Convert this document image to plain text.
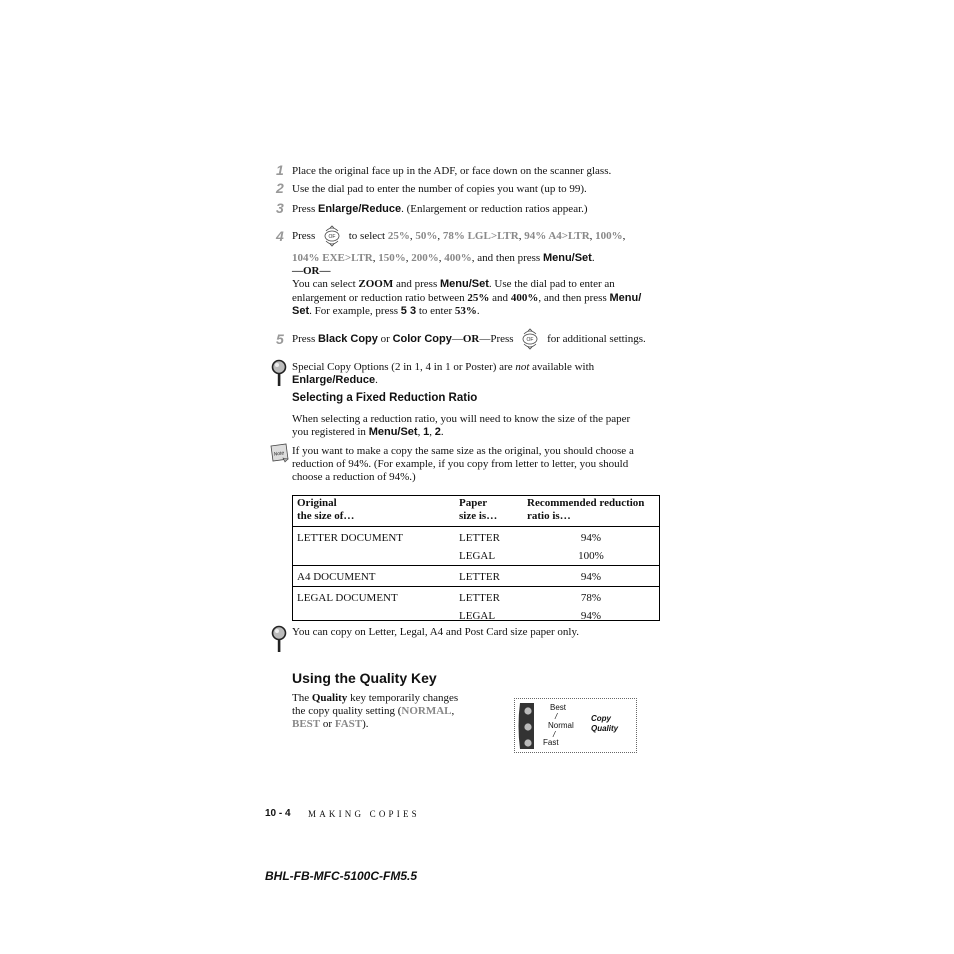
1 Place the original face up in the ADF, or face down on the scanner glass.
2 Use the dial pad to enter the number of copies you want (up to 99).
3 Press Enlarge/Reduce. (Enlargement or reduction ratios appear.)
4 Press	OF to select 25%, 50%, 78% LGL>LTR, 94% A4>LTR, 100%,
104% EXE>LTR, 150%, 200%, 400%, and then press Menu/Set.
—OR—
You can select ZOOM and press Menu/Set. Use the dial pad to enter an
enlargement or reduction ratio between 25% and 400%, and then press Menu/
Set. For example, press 5 3 to enter 53%.
5 Press Black Copy or Color Copy—OR—Press	OF for additional settings.
Special Copy Options (2 in 1, 4 in 1 or Poster) are not available with
Enlarge/Reduce.
Selecting a Fixed Reduction Ratio
When selecting a reduction ratio, you will need to know the size of the paper
you registered in Menu/Set, 1, 2.
Note If you want to make a copy the same size as the original, you should choose a
reduction of 94%. (For example, if you copy from letter to letter, you should
choose a reduction of 94%.)
Original
the size of…	Paper
size is…	Recommended reduction
ratio is…
LETTER DOCUMENT	LETTER	94%
	LEGAL	100%
A4 DOCUMENT	LETTER	94%
LEGAL DOCUMENT	LETTER	78%
	LEGAL	94%
You can copy on Letter, Legal, A4 and Post Card size paper only.
Using the Quality Key
The Quality key temporarily changes
the copy quality setting (NORMAL,
BEST or FAST).
Best
/
Normal
/
Fast
Copy
Quality
10 - 4 MAKING COPIES
BHL-FB-MFC-5100C-FM5.5
